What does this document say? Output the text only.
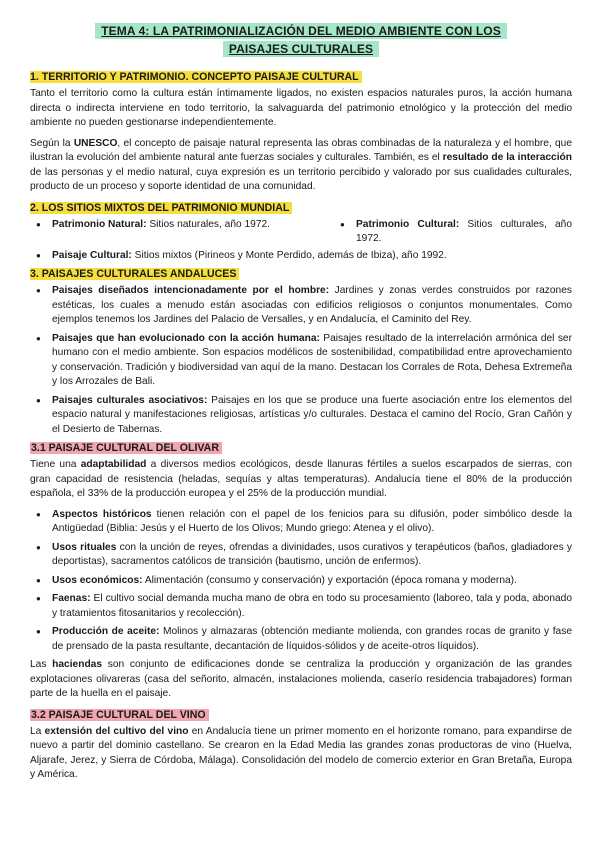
TEMA 4: LA PATRIMONIALIZACIÓN DEL MEDIO AMBIENTE CON LOS
PAISAJES CULTURALES
1. TERRITORIO Y PATRIMONIO. CONCEPTO PAISAJE CULTURAL

Tanto el territorio como la cultura están íntimamente ligados, no existen espacios naturales puros, la acción humana directa o indirecta interviene en todo territorio, la salvaguarda del patrimonio etnológico y la protección del medio ambiente no pueden gestionarse independientemente.

Según la UNESCO, el concepto de paisaje natural representa las obras combinadas de la naturaleza y el hombre, que ilustran la evolución del ambiente natural ante fuerzas sociales y culturales. También, es el resultado de la interacción de las personas y el medio natural, cuya expresión es un territorio percibido y valorado por sus cualidades culturales, producto de un proceso y soporte identidad de una comunidad.

2. LOS SITIOS MIXTOS DEL PATRIMONIO MUNDIAL
● Patrimonio Natural: Sitios naturales, año 1972.
●	Patrimonio Cultural: Sitios culturales, año 1972.
● Paisaje Cultural: Sitios mixtos (Pirineos y Monte Perdido, además de Ibiza), año 1992.
3. PAISAJES CULTURALES ANDALUCES
● Paisajes diseñados intencionadamente por el hombre: Jardines y zonas verdes construidos por razones estéticas, los cuales a menudo están asociadas con edificios religiosos o conjuntos monumentales. Como ejemplos tenemos los Jardines del Palacio de Versalles, y en Andalucía, el Caminito del Rey.
● Paisajes que han evolucionado con la acción humana: Paisajes resultado de la interrelación armónica del ser humano con el medio ambiente. Son espacios modélicos de sostenibilidad, compatibilidad entre aprovechamiento y conservación. Tradición y biodiversidad van aquí de la mano. Destacan los Corrales de Rota, Dehesa Extremeña y los Arrozales de Bali.
● Paisajes culturales asociativos: Paisajes en los que se produce una fuerte asociación entre los elementos del espacio natural y manifestaciones religiosas, artísticas y/o culturales. Destaca el camino del Rocío, Gran Cañón y el Desierto de Tabernas.
3.1 PAISAJE CULTURAL DEL OLIVAR

Tiene una adaptabilidad a diversos medios ecológicos, desde llanuras fértiles a suelos escarpados de sierras, con gran capacidad de resistencia (heladas, sequías y altas temperaturas). Andalucía tiene el 80% de la producción española, el 33% de la producción europea y el 25% de la producción mundial.

● Aspectos históricos tienen relación con el papel de los fenicios para su difusión, poder simbólico desde la Antigüedad (Biblia: Jesús y el Huerto de los Olivos; Mundo griego: Atenea y el olivo).
● Usos rituales con la unción de reyes, ofrendas a divinidades, usos curativos y terapéuticos (baños, gladiadores y deportistas), sacramentos católicos de transición (bautismo, unción de enfermos).
● Usos económicos: Alimentación (consumo y conservación) y exportación (época romana y moderna).
● Faenas: El cultivo social demanda mucha mano de obra en todo su procesamiento (laboreo, tala y poda, abonado y tratamientos fitosanitarios y recolección).
● Producción de aceite: Molinos y almazaras (obtención mediante molienda, con grandes rocas de granito y fase de prensado de la pasta resultante, decantación de líquidos-sólidos y de aceite-otros líquidos).

Las haciendas son conjunto de edificaciones donde se centraliza la producción y organización de las grandes explotaciones olivareras (casa del señorito, almacén, instalaciones molienda, caserío residencia trabajadores) forman parte de la huella en el paisaje.

3.2 PAISAJE CULTURAL DEL VINO

La extensión del cultivo del vino en Andalucía tiene un primer momento en el horizonte romano, para expandirse de nuevo a partir del dominio castellano. Se crearon en la Edad Media las grandes zonas productoras de vino (Huelva, Aljarafe, Jerez, y Sierra de Córdoba, Málaga). Consolidación del modelo de comercio exterior en Gran Bretaña, Europa y América.
